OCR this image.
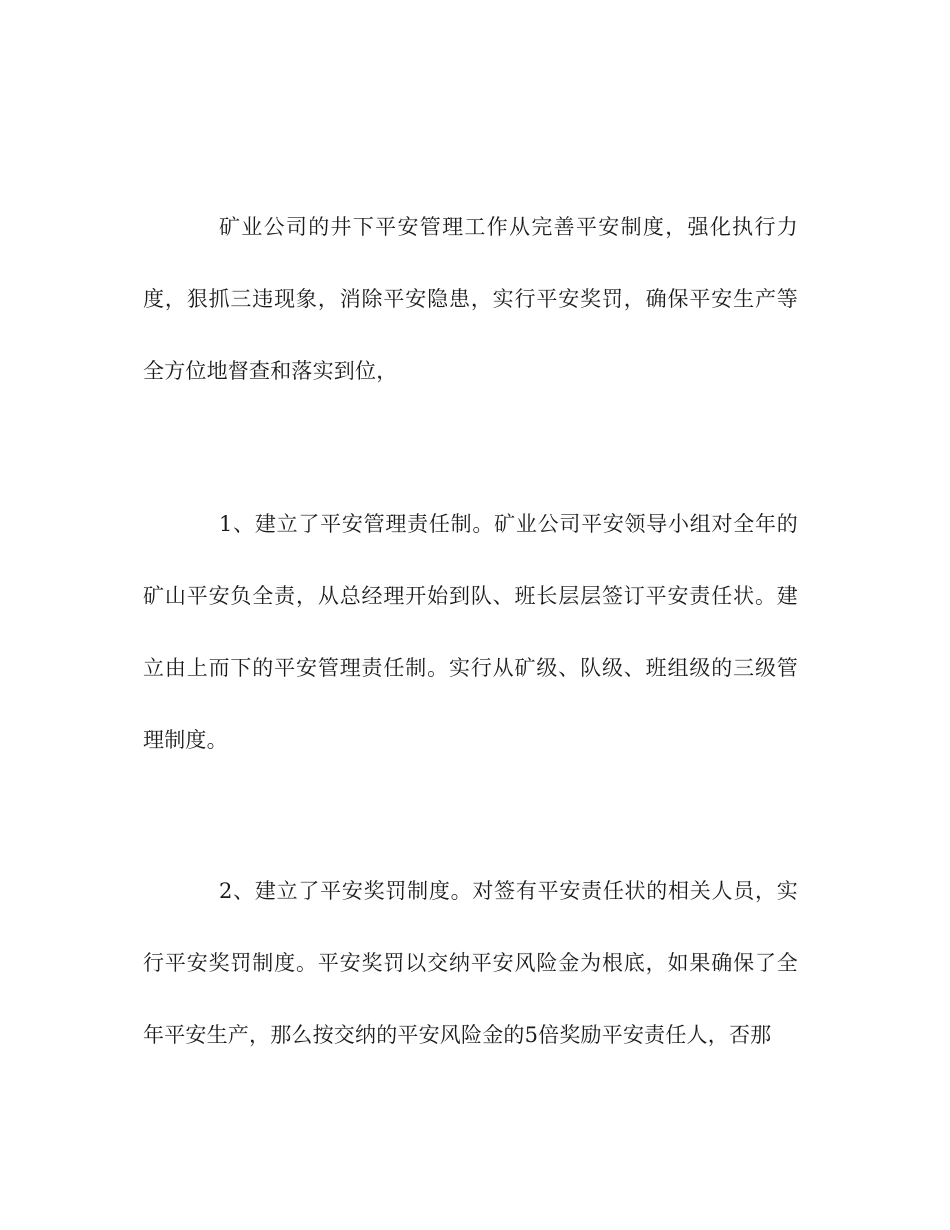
矿业公司的井下平安管理工作从完善平安制度，强化执行力度，狠抓三违现象，消除平安隐患，实行平安奖罚，确保平安生产等全方位地督查和落实到位，

1、建立了平安管理责任制。矿业公司平安领导小组对全年的矿山平安负全责，从总经理开始到队、班长层层签订平安责任状。建立由上而下的平安管理责任制。实行从矿级、队级、班组级的三级管理制度。

2、建立了平安奖罚制度。对签有平安责任状的相关人员，实行平安奖罚制度。平安奖罚以交纳平安风险金为根底，如果确保了全年平安生产，那么按交纳的平安风险金的5倍奖励平安责任人，否那
